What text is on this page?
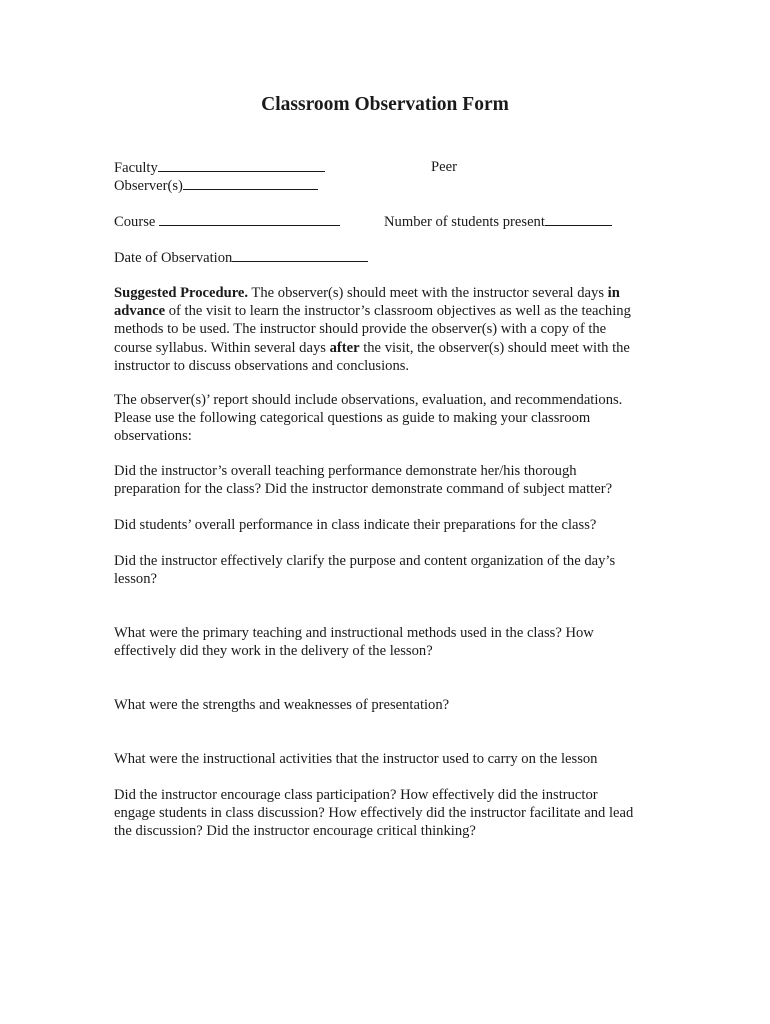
Classroom Observation Form
Faculty	Peer
Observer(s)
Course	Number of students present
Date of Observation
Suggested Procedure. The observer(s) should meet with the instructor several days in
advance of the visit to learn the instructor’s classroom objectives as well as the teaching
methods to be used. The instructor should provide the observer(s) with a copy of the
course syllabus. Within several days after the visit, the observer(s) should meet with the
instructor to discuss observations and conclusions.
The observer(s)’ report should include observations, evaluation, and recommendations.
Please use the following categorical questions as guide to making your classroom
observations:
Did the instructor’s overall teaching performance demonstrate her/his thorough
preparation for the class? Did the instructor demonstrate command of subject matter?
Did students’ overall performance in class indicate their preparations for the class?
Did the instructor effectively clarify the purpose and content organization of the day’s
lesson?
What were the primary teaching and instructional methods used in the class? How
effectively did they work in the delivery of the lesson?
What were the strengths and weaknesses of presentation?
What were the instructional activities that the instructor used to carry on the lesson
Did the instructor encourage class participation? How effectively did the instructor
engage students in class discussion? How effectively did the instructor facilitate and lead
the discussion? Did the instructor encourage critical thinking?
